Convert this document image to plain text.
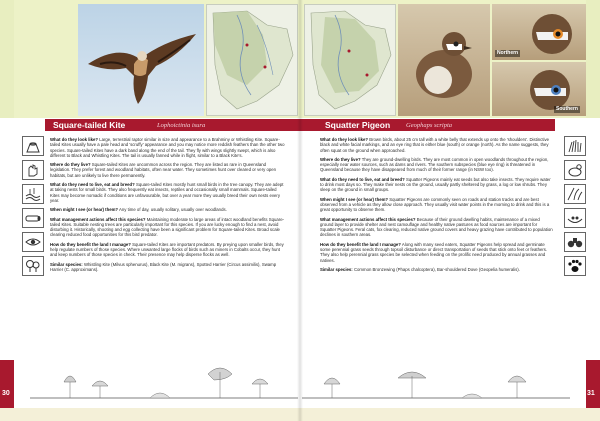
Square-tailed Kite	Lophoictinia isura

What do they look like? Large, terrestrial raptor similar in size and appearance to a Brahminy or Whistling Kite. Square-tailed Kites usually have a pale head and 'scruffy' appearance and you may notice more reddish feathers than the other two species. Square-tailed Kites have a dark band along the end of the tail. They fly with wings slightly swept, which is also different to Black and Whistling Kites. The tail is usually fanned while in flight, similar to a Black Kite's.

Where do they live? Square-tailed Kites are uncommon across the region. They are listed as rare in Queensland legislation. They prefer forest and woodland habitats, often near water. They sometimes hunt over cleared or very open habitats, but are unlikely to live there permanently.

What do they need to live, eat and breed? Square-tailed Kites mostly hunt small birds in the tree canopy. They are adept at taking nests for small birds. They also frequently eat insects, reptiles and occasionally small mammals. Square-tailed Kites may become nomadic if conditions are unfavourable, but over a year more they usually breed their own nests every year.

When might I see (or hear) them? Any time of day, usually solitary, usually over woodlands.

What management actions affect this species? Maintaining moderate to large areas of intact woodland benefits Square-tailed Kites. Suitable nesting trees are particularly important for this species. If you are lucky enough to find a nest, avoid disturbing it. Historically, shooting and egg collecting have been a significant problem for Square-tailed Kites. Broad scale clearing reduced food opportunities for this bird predator.

How do they benefit the land I manage? Square-tailed Kites are important predators. By preying upon smaller birds, they help regulate numbers of those species. Where unwanted large flocks of birds such as miners in Cobalts occur, they hunt and keep numbers of those species in check. Their presence may help disperse flocks as well.

Similar species: Whistling Kite (Milvus sphenurus), Black Kite (M. migrans), Spotted Harrier (Circus assimilis), Swamp Harrier (C. approximans).

30
Northern
Southern
Squatter Pigeon Geophaps scripta

What do they look like? Brown birds, about 25 cm tall with a white belly that extends up onto the 'shoulders'. Distinctive black and white facial markings, and an eye ring that is either blue (south) or orange (north). As the name suggests, they often squat on the ground when approached.

Where do they live? They are ground-dwelling birds. They are most common in open woodlands throughout the region, especially near water sources, such as dams and rivers. The southern subspecies (blue eye ring) is threatened in Queensland because they have disappeared from much of their former range (in NSW too).

What do they need to live, eat and breed? Squatter Pigeons mainly eat seeds but also take insects. They require water to drink most days so. They make their nests on the ground, usually partly sheltered by grass, a log or low shrubs. They sleep on the ground in small groups.

When might I see (or hear) them? Squatter Pigeons are commonly seen on roads and station tracks and are best observed from a vehicle as they allow close approach. They usually visit water points in the morning to drink and this is a great opportunity to observe them.

What management actions affect this species? Because of their ground dwelling habits, maintenance of a mixed ground layer to provide shelter and nest camouflage and healthy native pastures as food sources are important for Squatter Pigeons. Feral cats, fox clearing, reduced native ground covers and heavy grazing have contributed to population declines in southern areas.

How do they benefit the land I manage? Along with many seed eaters, Squatter Pigeons help spread and germinate some perennial grass seeds through topsoil disturbance or direct transportation of seeds that stick onto feet or feathers. They also help perennial grass species be selected when feeding on the prolific need produced by annual grasses and natives.

Similar species: Common Bronzewing (Phaps chalcoptera), Bar-shouldered Dove (Geopelia humeralis).

31
